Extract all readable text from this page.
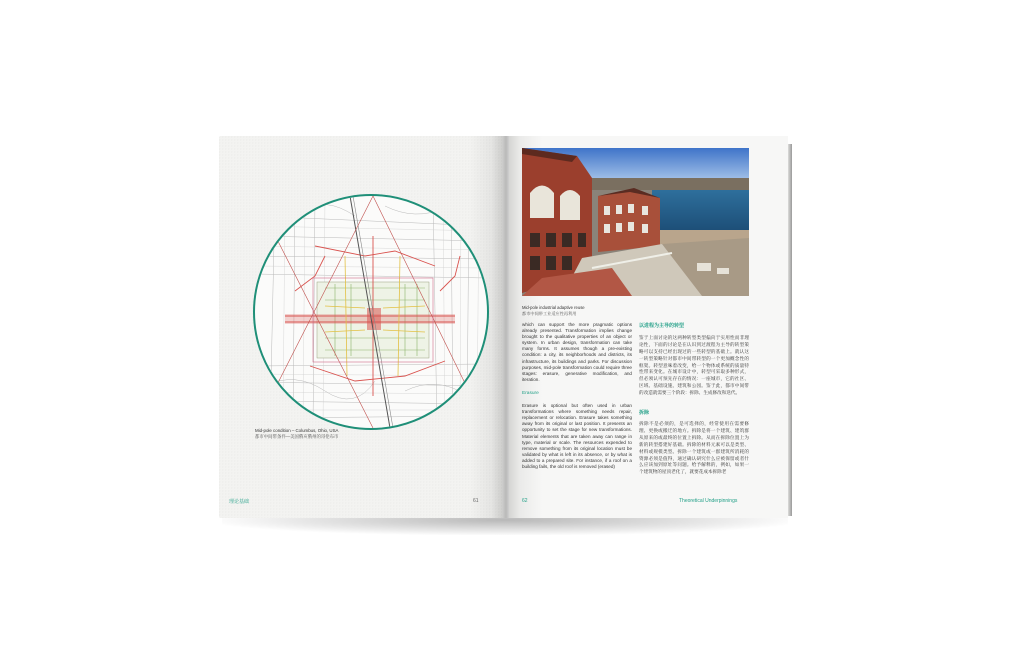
Mid-pole condition – Columbus, Ohio, USA
都市中间带条件—美国俄亥俄州的哥伦布市
理论基础	61
Mid-pole industrial adaptive reuse
都市中间带工业适应性再利用

which can support the more pragmatic options already presented. Transformation implies change brought to the qualitative properties of an object or system. In urban design, transformation can take many forms. It assumes though a pre-existing condition: a city, its neighborhoods and districts, its infrastructure, its buildings and parks. For discussion purposes, mid-pole transformation could require three stages: erasure, generative modification, and iteration.

Erasure

Erasure is optional but often used in urban transformations where something needs repair, replacement or relocation. Erasure takes something away from its original or last position. It presents an opportunity to set the stage for new transformations. Material elements that are taken away can range in type, material or scale. The resources expended to remove something from its original location must be validated by what is left in its absence, or by what is added to a prepared site. For instance, if a roof on a building fails, the old roof is removed (erased)

以进程为主导的转型

鉴于上面讨论的这两种转型类型偏向于实用性而非理论性，下面的讨论是在认识到过渡程为主导的转型策略可以支持已经出现过的一些转型的基础上。就认这一转型策略针对都市中间带转型的一个更加概念性的框架。转型意味着改变，给一个物体或系统的质量特性带来变化。在城市设计中，转型可采取多种形式，但必须认可预先存在的情况：一座城市，它的社区、区域、基础设施、建筑和公园。鉴于此，都市中间带的改造就需要三个阶段：拆除、生成修改和迭代。

拆除

拆除不是必须的，是可选择的，经常使用在需要修理、更换或搬迁的地方。拆除是将一个建筑、建筑群从原来的或最终的位置上拆除。从而在拆除位置上为新的转型搭建好基础。拆除的材料元素可以是类型、材料或规模类型。拆除一个建筑或一群建筑所消耗的资源必须是值得，通过确认研究什么应被保留或者什么应该加到原址等问题。给予解释的，例如，如果一个建筑物的屋顶老化了，就要花成本拆除老

62	Theoretical Underpinnings
